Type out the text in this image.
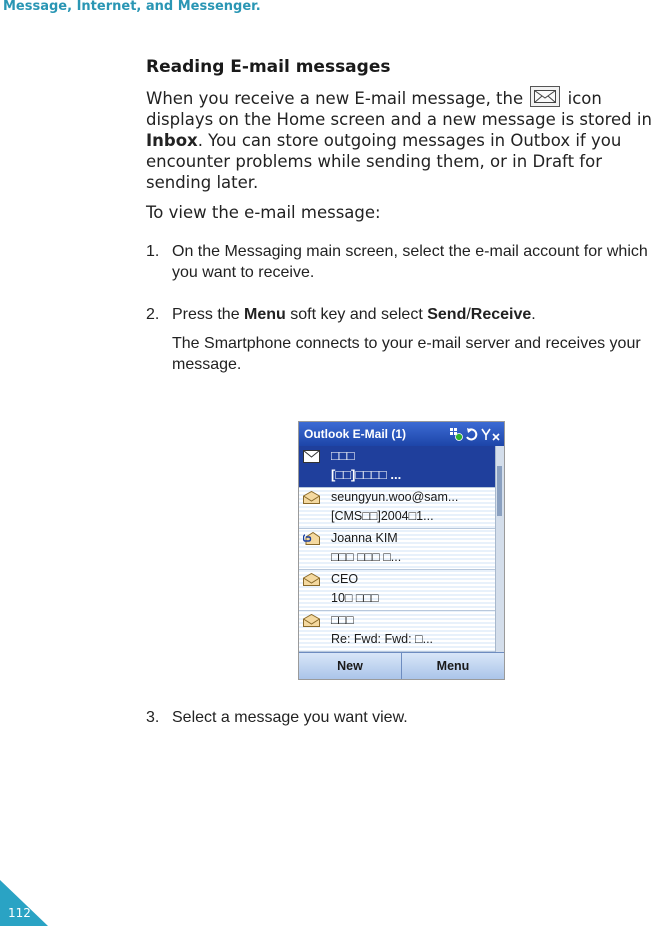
Message, Internet, and Messenger.
Reading E-mail messages

When you receive a new E-mail message, the
icon displays on the Home screen and a new message is stored in Inbox. You can store outgoing messages in Outbox if you encounter problems while sending them, or in Draft for sending later.

To view the e-mail message:

1. On the Messaging main screen, select the e-mail account for which you want to receive.
2. Press the Menu soft key and select Send/Receive.
The Smartphone connects to your e-mail server and receives your message.
Outlook E-Mail (1)
□□□
[□□]□□□□ ...
seungyun.woo@sam...
[CMS□□]2004□1...
Joanna KIM
□□□ □□□ □...
CEO
10□ □□□
□□□
Re: Fwd: Fwd: □...
New	Menu
3. Select a message you want view.
112
